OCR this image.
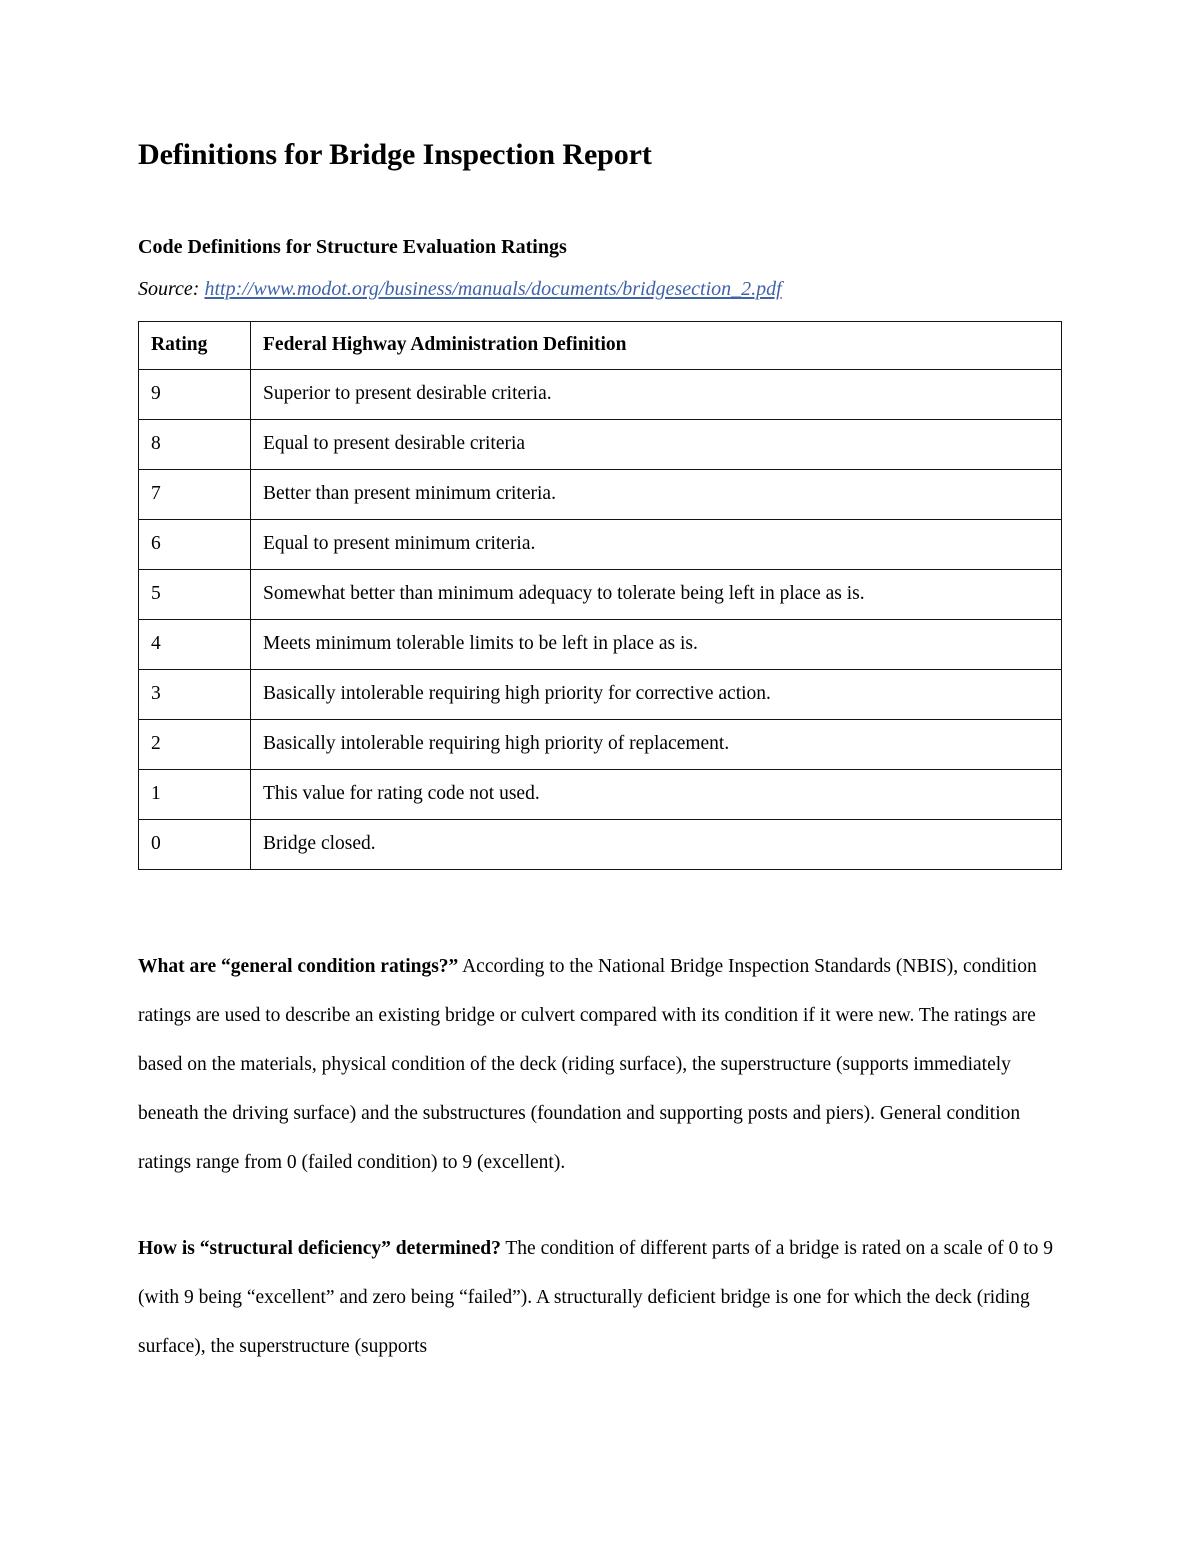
Definitions for Bridge Inspection Report
Code Definitions for Structure Evaluation Ratings

Source: http://www.modot.org/business/manuals/documents/bridgesection_2.pdf

Rating	Federal Highway Administration Definition
9	Superior to present desirable criteria.
8	Equal to present desirable criteria
7	Better than present minimum criteria.
6	Equal to present minimum criteria.
5	Somewhat better than minimum adequacy to tolerate being left in place as is.
4	Meets minimum tolerable limits to be left in place as is.
3	Basically intolerable requiring high priority for corrective action.
2	Basically intolerable requiring high priority of replacement.
1	This value for rating code not used.
0	Bridge closed.

What are “general condition ratings?” According to the National Bridge Inspection Standards (NBIS), condition ratings are used to describe an existing bridge or culvert compared with its condition if it were new. The ratings are based on the materials, physical condition of the deck (riding surface), the superstructure (supports immediately beneath the driving surface) and the substructures (foundation and supporting posts and piers). General condition ratings range from 0 (failed condition) to 9 (excellent).

How is “structural deficiency” determined? The condition of different parts of a bridge is rated on a scale of 0 to 9 (with 9 being “excellent” and zero being “failed”). A structurally deficient bridge is one for which the deck (riding surface), the superstructure (supports
